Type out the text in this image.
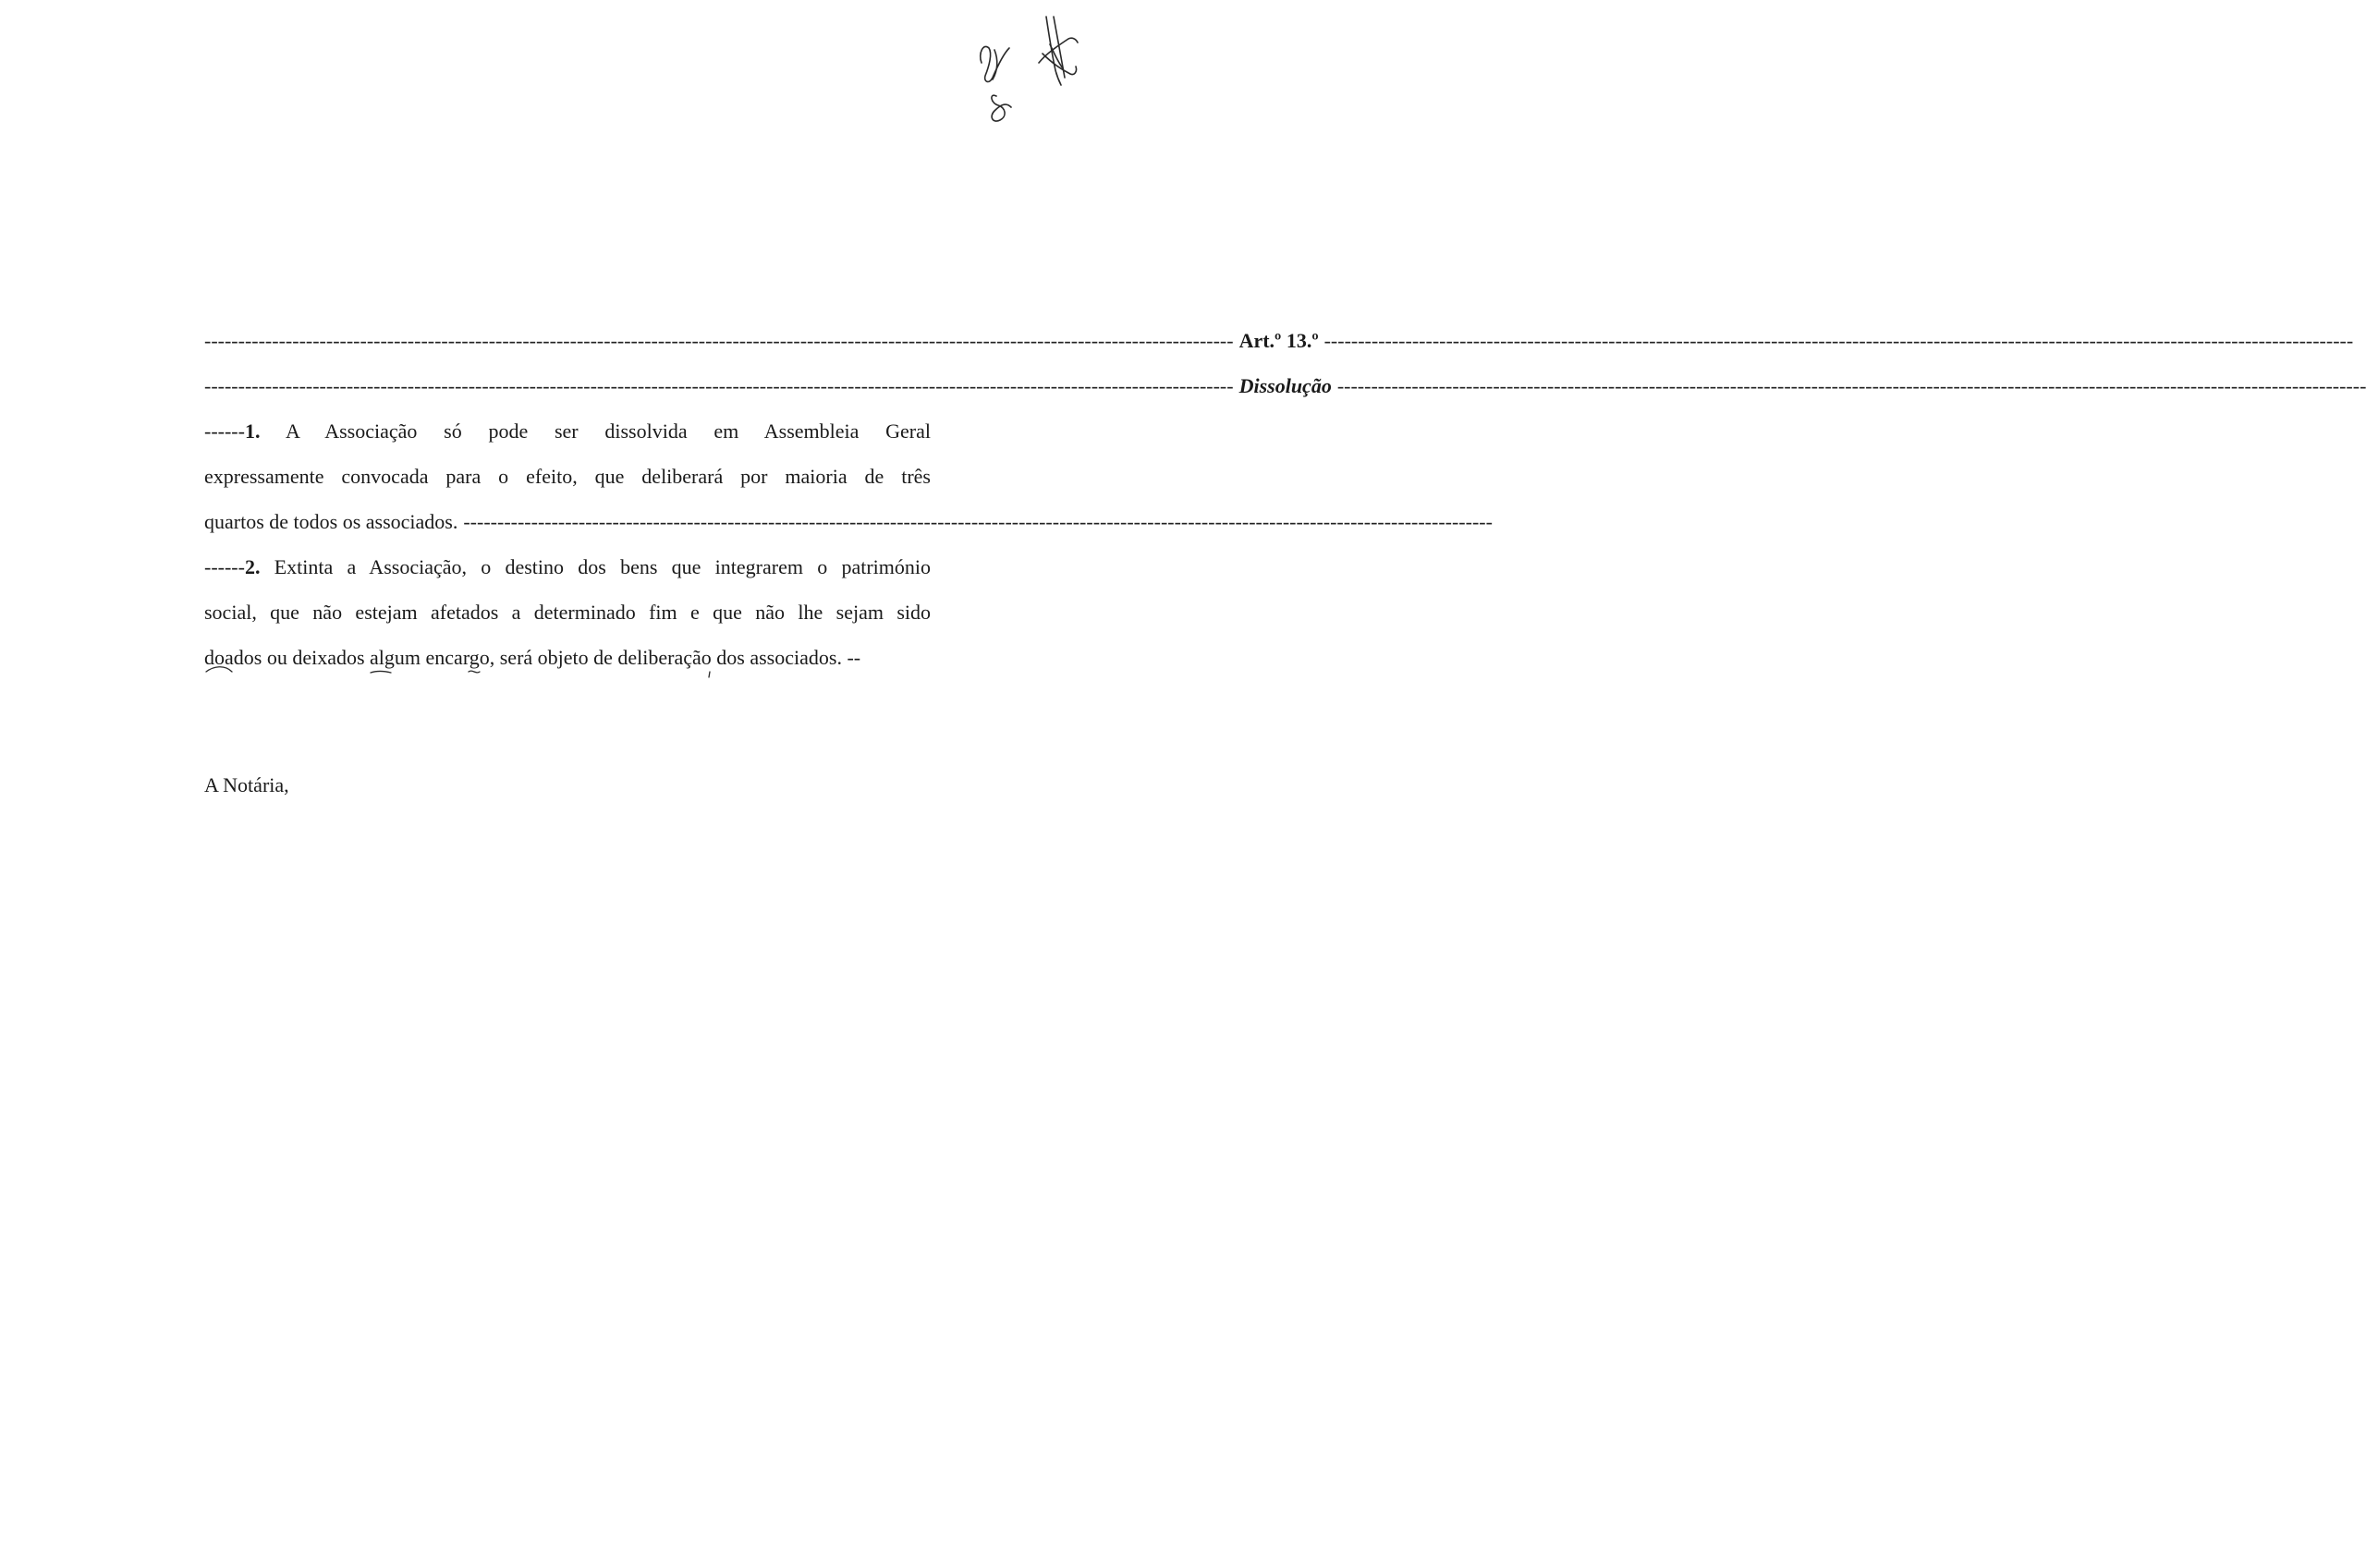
-------------------------------------------------------------------------------------------------------------------------------------------------------- Art.º 13.º --------------------------------------------------------------------------------------------------------------------------------------------------------
-------------------------------------------------------------------------------------------------------------------------------------------------------- Dissolução --------------------------------------------------------------------------------------------------------------------------------------------------------
------1. A Associação só pode ser dissolvida em Assembleia Geral
expressamente convocada para o efeito, que deliberará por maioria de três
quartos de todos os associados. --------------------------------------------------------------------------------------------------------------------------------------------------------
------2. Extinta a Associação, o destino dos bens que integrarem o património
social, que não estejam afetados a determinado fim e que não lhe sejam sido
doados ou deixados algum encargo, será objeto de deliberação dos associados. --
A Notária,
